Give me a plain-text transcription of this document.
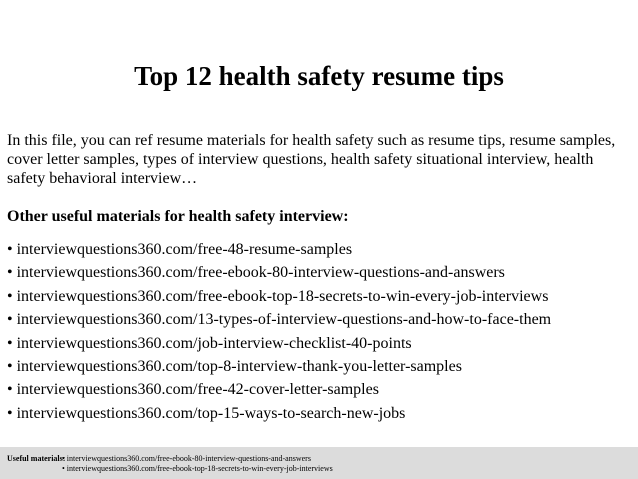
Top 12 health safety resume tips

In this file, you can ref resume materials for health safety such as resume tips, resume samples, cover letter samples, types of interview questions, health safety situational interview, health safety behavioral interview…

Other useful materials for health safety interview:

• interviewquestions360.com/free-48-resume-samples
• interviewquestions360.com/free-ebook-80-interview-questions-and-answers
• interviewquestions360.com/free-ebook-top-18-secrets-to-win-every-job-interviews
• interviewquestions360.com/13-types-of-interview-questions-and-how-to-face-them
• interviewquestions360.com/job-interview-checklist-40-points
• interviewquestions360.com/top-8-interview-thank-you-letter-samples
• interviewquestions360.com/free-42-cover-letter-samples
• interviewquestions360.com/top-15-ways-to-search-new-jobs
Useful materials:
• interviewquestions360.com/free-ebook-80-interview-questions-and-answers
• interviewquestions360.com/free-ebook-top-18-secrets-to-win-every-job-interviews
